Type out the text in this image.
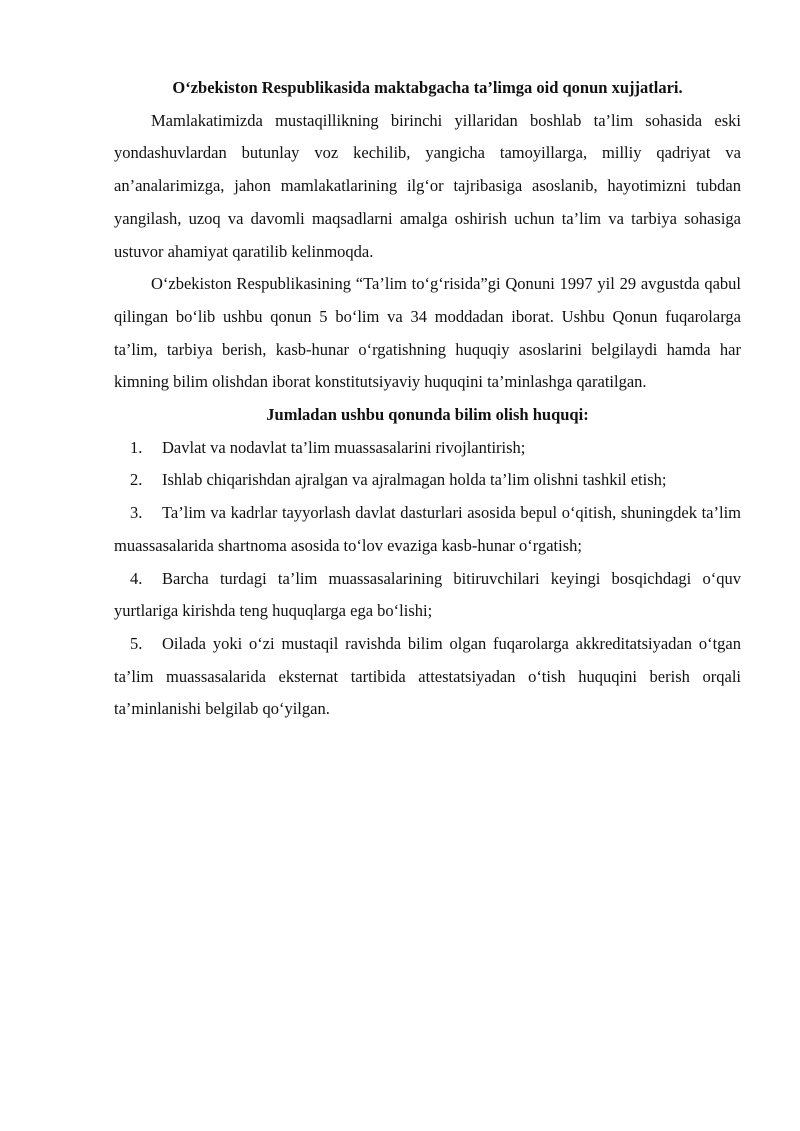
O‘zbekiston Respublikasida maktabgacha ta’limga oid qonun xujjatlari.

Mamlakatimizda mustaqillikning birinchi yillaridan boshlab ta’lim sohasida eski yondashuvlardan butunlay voz kechilib, yangicha tamoyillarga, milliy qadriyat va an’analarimizga, jahon mamlakatlarining ilg‘or tajribasiga asoslanib, hayotimizni tubdan yangilash, uzoq va davomli maqsadlarni amalga oshirish uchun ta’lim va tarbiya sohasiga ustuvor ahamiyat qaratilib kelinmoqda.

O‘zbekiston Respublikasining “Ta’lim to‘g‘risida”gi Qonuni 1997 yil 29 avgustda qabul qilingan bo‘lib ushbu qonun 5 bo‘lim va 34 moddadan iborat. Ushbu Qonun fuqarolarga ta’lim, tarbiya berish, kasb-hunar o‘rgatishning huquqiy asoslarini belgilaydi hamda har kimning bilim olishdan iborat konstitutsiyaviy huquqini ta’minlashga qaratilgan.

Jumladan ushbu qonunda bilim olish huquqi:

1. Davlat va nodavlat ta’lim muassasalarini rivojlantirish;
2. Ishlab chiqarishdan ajralgan va ajralmagan holda ta’lim olishni tashkil etish;
3. Ta’lim va kadrlar tayyorlash davlat dasturlari asosida bepul o‘qitish, shuningdek ta’lim muassasalarida shartnoma asosida to‘lov evaziga kasb-hunar o‘rgatish;
4. Barcha turdagi ta’lim muassasalarining bitiruvchilari keyingi bosqichdagi o‘quv yurtlariga kirishda teng huquqlarga ega bo‘lishi;
5. Oilada yoki o‘zi mustaqil ravishda bilim olgan fuqarolarga akkreditatsiyadan o‘tgan ta’lim muassasalarida eksternat tartibida attestatsiyadan o‘tish huquqini berish orqali ta’minlanishi belgilab qo‘yilgan.
